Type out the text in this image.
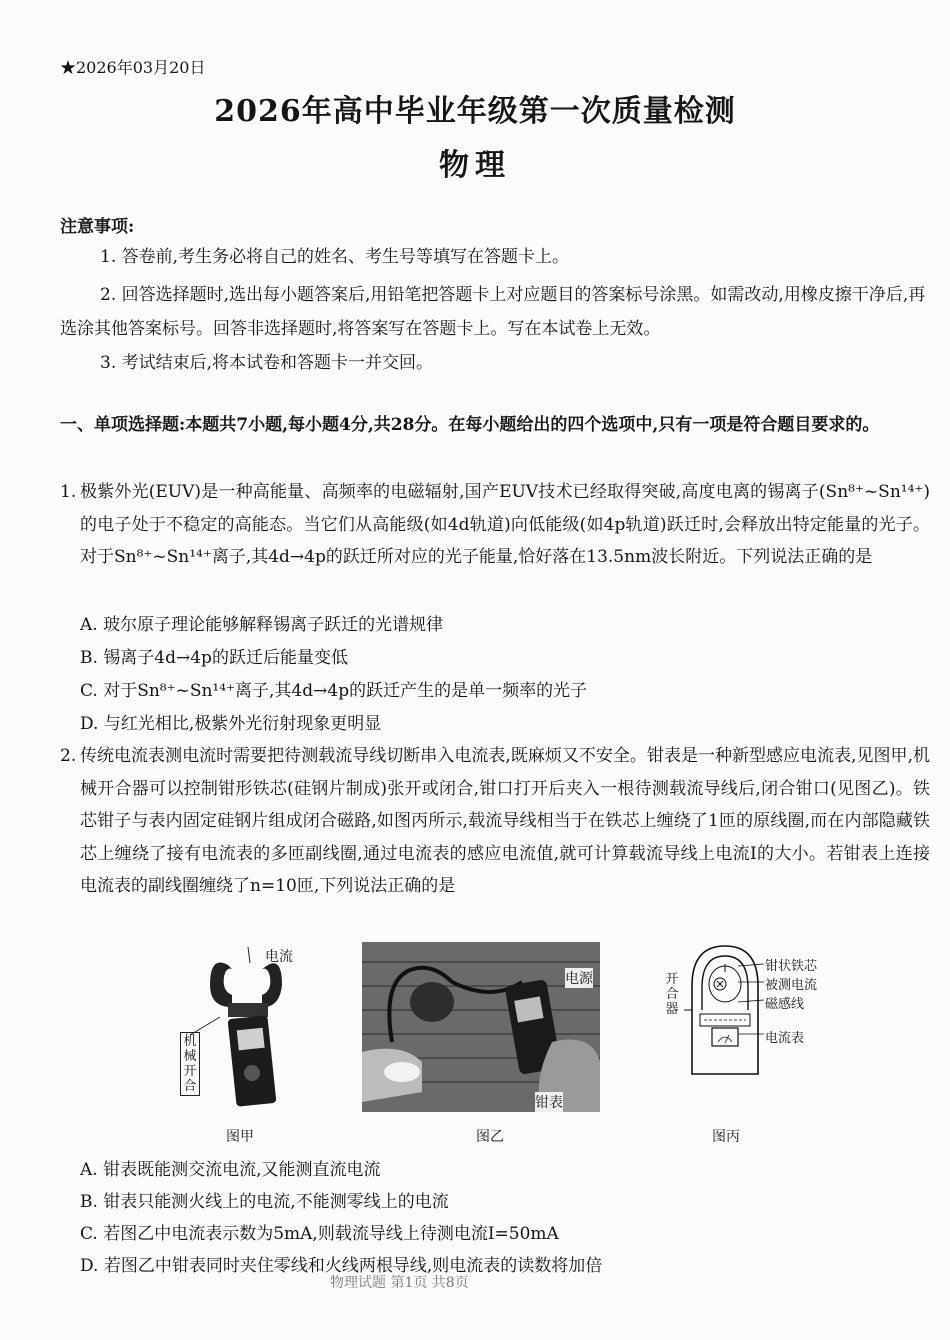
★2026年03月20日
2026年高中毕业年级第一次质量检测
物理
注意事项:
1. 答卷前,考生务必将自己的姓名、考生号等填写在答题卡上。
2. 回答选择题时,选出每小题答案后,用铅笔把答题卡上对应题目的答案标号涂黑。如需改动,用橡皮擦干净后,再选涂其他答案标号。回答非选择题时,将答案写在答题卡上。写在本试卷上无效。
3. 考试结束后,将本试卷和答题卡一并交回。
一、单项选择题:本题共7小题,每小题4分,共28分。在每小题给出的四个选项中,只有一项是符合题目要求的。
1. 极紫外光(EUV)是一种高能量、高频率的电磁辐射,国产EUV技术已经取得突破,高度电离的锡离子(Sn⁸⁺~Sn¹⁴⁺)的电子处于不稳定的高能态。当它们从高能级(如4d轨道)向低能级(如4p轨道)跃迁时,会释放出特定能量的光子。对于Sn⁸⁺~Sn¹⁴⁺离子,其4d→4p的跃迁所对应的光子能量,恰好落在13.5nm波长附近。下列说法正确的是
A. 玻尔原子理论能够解释锡离子跃迁的光谱规律
B. 锡离子4d→4p的跃迁后能量变低
C. 对于Sn⁸⁺~Sn¹⁴⁺离子,其4d→4p的跃迁产生的是单一频率的光子
D. 与红光相比,极紫外光衍射现象更明显
2. 传统电流表测电流时需要把待测载流导线切断串入电流表,既麻烦又不安全。钳表是一种新型感应电流表,见图甲,机械开合器可以控制钳形铁芯(硅钢片制成)张开或闭合,钳口打开后夹入一根待测载流导线后,闭合钳口(见图乙)。铁芯钳子与表内固定硅钢片组成闭合磁路,如图丙所示,载流导线相当于在铁芯上缠绕了1匝的原线圈,而在内部隐藏铁芯上缠绕了接有电流表的多匝副线圈,通过电流表的感应电流值,就可计算载流导线上电流I的大小。若钳表上连接电流表的副线圈缠绕了n=10匝,下列说法正确的是
电流
机械开合
图甲
电源
钳表
图乙
开合器
钳状铁芯
被测电流
磁感线
电流表
图丙
A. 钳表既能测交流电流,又能测直流电流
B. 钳表只能测火线上的电流,不能测零线上的电流
C. 若图乙中电流表示数为5mA,则载流导线上待测电流I=50mA
D. 若图乙中钳表同时夹住零线和火线两根导线,则电流表的读数将加倍
物理试题 第1页 共8页
